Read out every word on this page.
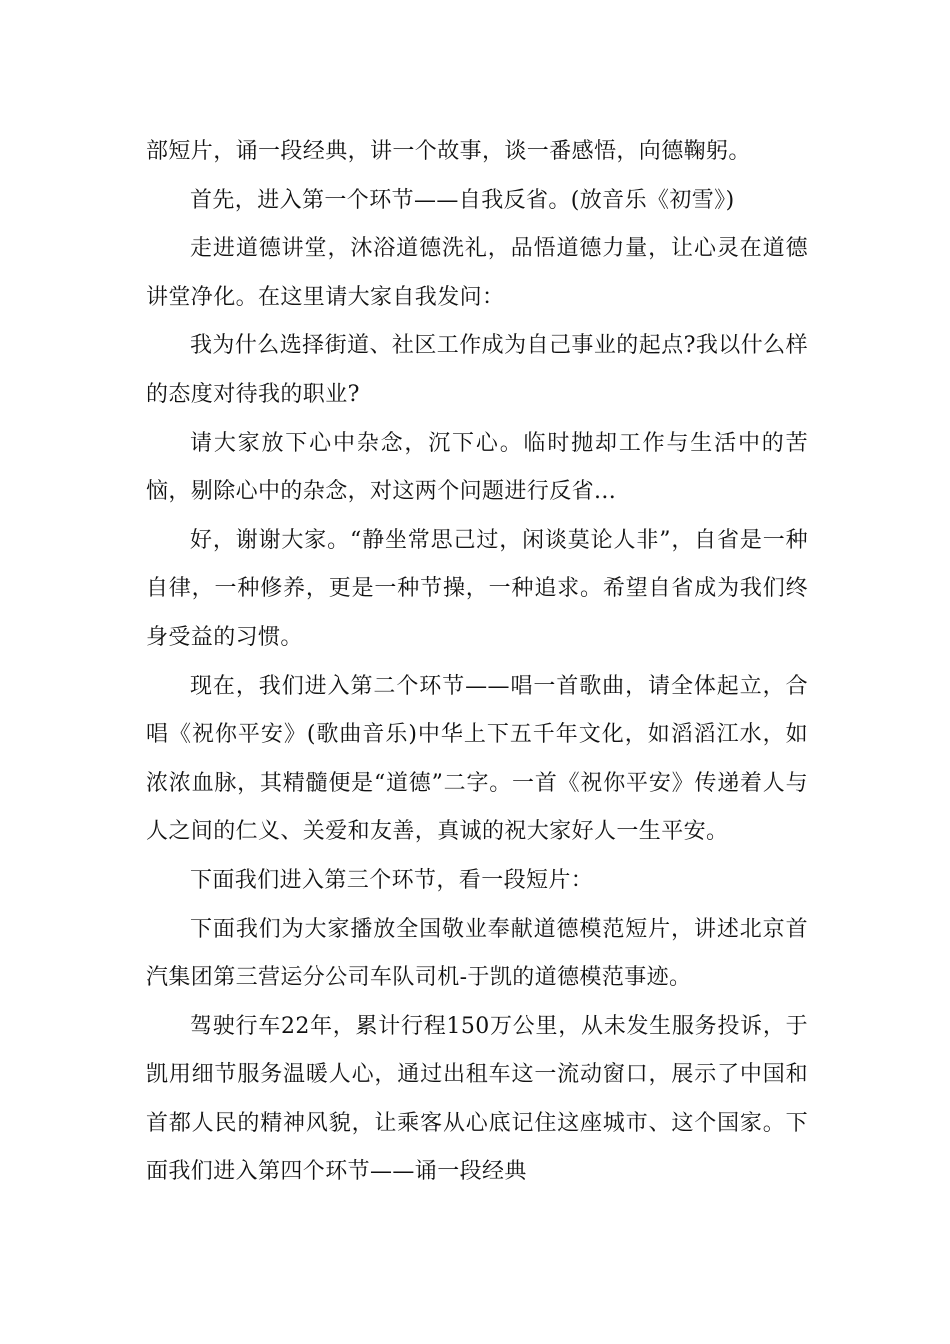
部短片，诵一段经典，讲一个故事，谈一番感悟，向德鞠躬。

首先，进入第一个环节——自我反省。(放音乐《初雪》)

走进道德讲堂，沐浴道德洗礼，品悟道德力量，让心灵在道德讲堂净化。在这里请大家自我发问：

我为什么选择街道、社区工作成为自己事业的起点?我以什么样的态度对待我的职业?

请大家放下心中杂念，沉下心。临时抛却工作与生活中的苦恼，剔除心中的杂念，对这两个问题进行反省...

好，谢谢大家。“静坐常思己过，闲谈莫论人非”，自省是一种自律，一种修养，更是一种节操，一种追求。希望自省成为我们终身受益的习惯。

现在，我们进入第二个环节——唱一首歌曲，请全体起立，合唱《祝你平安》(歌曲音乐)中华上下五千年文化，如滔滔江水，如浓浓血脉，其精髓便是“道德”二字。一首《祝你平安》传递着人与人之间的仁义、关爱和友善，真诚的祝大家好人一生平安。

下面我们进入第三个环节，看一段短片：

下面我们为大家播放全国敬业奉献道德模范短片，讲述北京首汽集团第三营运分公司车队司机-于凯的道德模范事迹。

驾驶行车22年，累计行程150万公里，从未发生服务投诉，于凯用细节服务温暖人心，通过出租车这一流动窗口，展示了中国和首都人民的精神风貌，让乘客从心底记住这座城市、这个国家。下面我们进入第四个环节——诵一段经典
